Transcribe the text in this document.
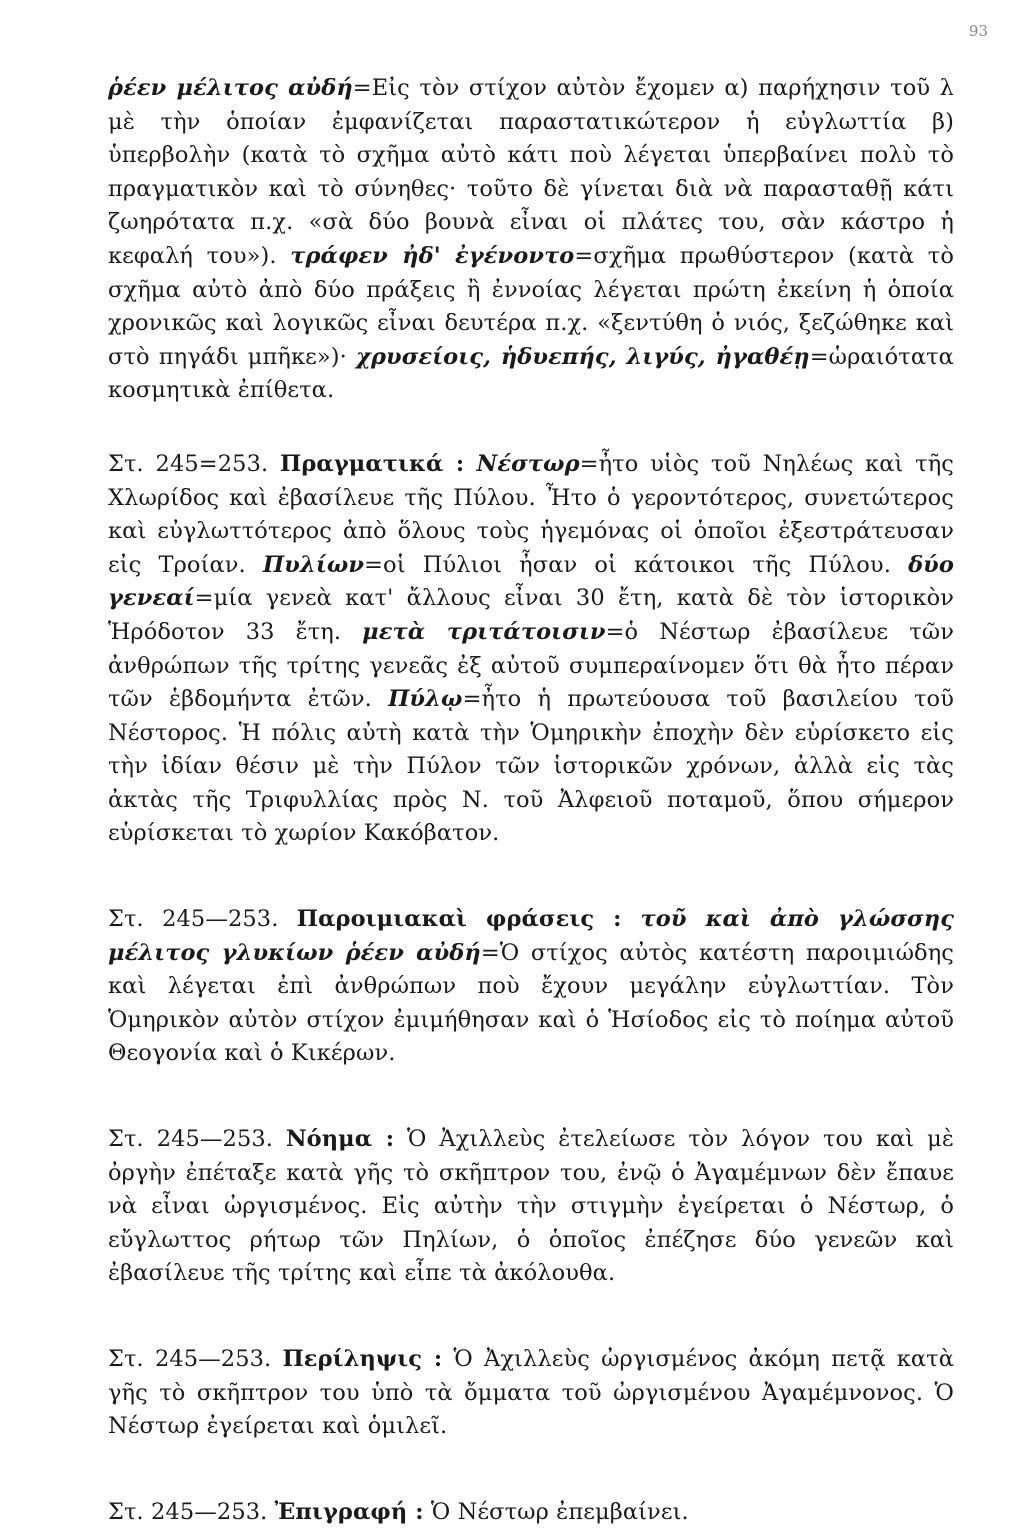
93

ῥέεν μέλιτος αὐδή=Εἰς τὸν στίχον αὐτὸν ἔχομεν α) παρήχησιν τοῦ λ μὲ τὴν ὁποίαν ἐμφανίζεται παραστατικώτερον ἡ εὐγλωττία β) ὑπερβολὴν (κατὰ τὸ σχῆμα αὐτὸ κάτι ποὺ λέγεται ὑπερβαίνει πολὺ τὸ πραγματικὸν καὶ τὸ σύνηθες· τοῦτο δὲ γίνεται διὰ νὰ παρασταθῇ κάτι ζωηρότατα π.χ. «σὰ δύο βουνὰ εἶναι οἱ πλάτες του, σὰν κάστρο ἡ κεφαλή του»). τράφεν ἠδ' ἐγένοντο=σχῆμα πρωθύστερον (κατὰ τὸ σχῆμα αὐτὸ ἀπὸ δύο πράξεις ἢ ἐννοίας λέγεται πρώτη ἐκείνη ἡ ὁποία χρονικῶς καὶ λογικῶς εἶναι δευτέρα π.χ. «ξεντύθη ὁ νιός, ξεζώθηκε καὶ στὸ πηγάδι μπῆκε»)· χρυσείοις, ἡδυεπής, λιγύς, ἠγαθέῃ=ὡραιότατα κοσμητικὰ ἐπίθετα.

Στ. 245=253. Πραγματικά : Νέστωρ=ἦτο υἱὸς τοῦ Νηλέως καὶ τῆς Χλωρίδος καὶ ἐβασίλευε τῆς Πύλου. Ἦτο ὁ γεροντότερος, συνετώτερος καὶ εὐγλωττότερος ἀπὸ ὅλους τοὺς ἡγεμόνας οἱ ὁποῖοι ἐξεστράτευσαν εἰς Τροίαν. Πυλίων=οἱ Πύλιοι ἦσαν οἱ κάτοικοι τῆς Πύλου. δύο γενεαί=μία γενεὰ κατ' ἄλλους εἶναι 30 ἔτη, κατὰ δὲ τὸν ἱστορικὸν Ἡρόδοτον 33 ἔτη. μετὰ τριτάτοισιν=ὁ Νέστωρ ἐβασίλευε τῶν ἀνθρώπων τῆς τρίτης γενεᾶς ἐξ αὐτοῦ συμπεραίνομεν ὅτι θὰ ἦτο πέραν τῶν ἑβδομήντα ἐτῶν. Πύλῳ=ἦτο ἡ πρωτεύουσα τοῦ βασιλείου τοῦ Νέστορος. Ἡ πόλις αὐτὴ κατὰ τὴν Ὁμηρικὴν ἐποχὴν δὲν εὑρίσκετο εἰς τὴν ἰδίαν θέσιν μὲ τὴν Πύλον τῶν ἱστορικῶν χρόνων, ἀλλὰ εἰς τὰς ἀκτὰς τῆς Τριφυλλίας πρὸς Ν. τοῦ Ἀλφειοῦ ποταμοῦ, ὅπου σήμερον εὑρίσκεται τὸ χωρίον Κακόβατον.

Στ. 245—253. Παροιμιακαὶ φράσεις : τοῦ καὶ ἀπὸ γλώσσης μέλιτος γλυκίων ῥέεν αὐδή=Ὁ στίχος αὐτὸς κατέστη παροιμιώδης καὶ λέγεται ἐπὶ ἀνθρώπων ποὺ ἔχουν μεγάλην εὐγλωττίαν. Τὸν Ὁμηρικὸν αὐτὸν στίχον ἐμιμήθησαν καὶ ὁ Ἡσίοδος εἰς τὸ ποίημα αὐτοῦ Θεογονία καὶ ὁ Κικέρων.

Στ. 245—253. Νόημα : Ὁ Ἀχιλλεὺς ἐτελείωσε τὸν λόγον του καὶ μὲ ὀργὴν ἐπέταξε κατὰ γῆς τὸ σκῆπτρον του, ἐνῷ ὁ Ἀγαμέμνων δὲν ἔπαυε νὰ εἶναι ὠργισμένος. Εἰς αὐτὴν τὴν στιγμὴν ἐγείρεται ὁ Νέστωρ, ὁ εὔγλωττος ρήτωρ τῶν Πηλίων, ὁ ὁποῖος ἐπέζησε δύο γενεῶν καὶ ἐβασίλευε τῆς τρίτης καὶ εἶπε τὰ ἀκόλουθα.

Στ. 245—253. Περίληψις : Ὁ Ἀχιλλεὺς ὠργισμένος ἀκόμη πετᾷ κατὰ γῆς τὸ σκῆπτρον του ὑπὸ τὰ ὄμματα τοῦ ὠργισμένου Ἀγαμέμνονος. Ὁ Νέστωρ ἐγείρεται καὶ ὁμιλεῖ.

Στ. 245—253. Ἐπιγραφή : Ὁ Νέστωρ ἐπεμβαίνει.
